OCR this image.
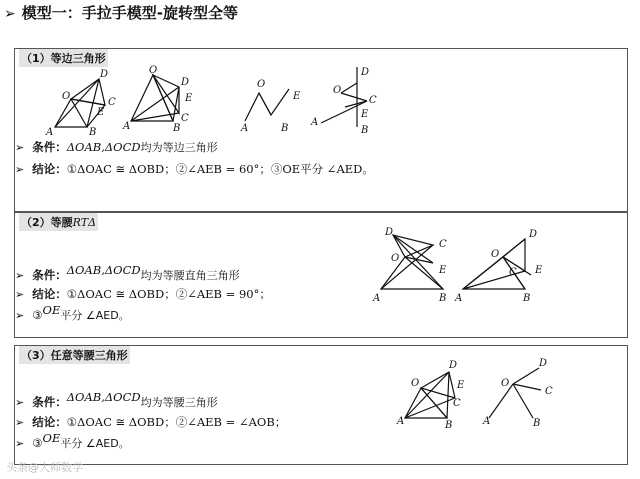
➢ 模型一：手拉手模型-旋转型全等
（1）等边三角形
A	B
O
D
C
E
A	B
O
D
E
C
A	B
O
E
A
D
O
C
E
B
➢ 条件：ΔOAB,ΔOCD均为等边三角形
➢ 结论：①ΔOAC ≅ ΔOBD；②∠AEB = 60°；③OE平分 ∠AED。
（2）等腰RTΔ
A	B
O
D
C
E
A	B
O
D
C E
➢ 条件：ΔOAB,ΔOCD均为等腰直角三角形
➢ 结论：①ΔOAC ≅ ΔOBD；②∠AEB = 90°；
➢ ③OE平分 ∠AED。
（3）任意等腰三角形
A	B
O
D
E
C
A	B
O
D
C
➢ 条件：ΔOAB,ΔOCD均为等腰三角形
➢ 结论：①ΔOAC ≅ ΔOBD；②∠AEB = ∠AOB；
➢ ③OE平分 ∠AED。
头条@大师数学
